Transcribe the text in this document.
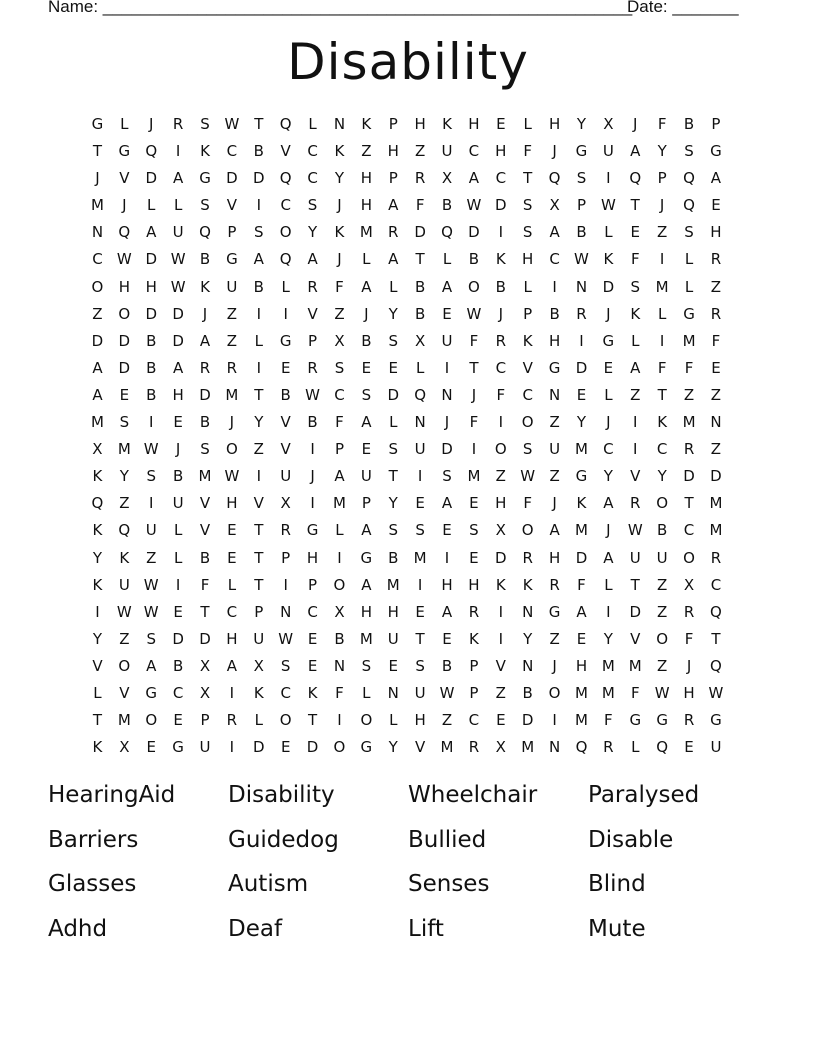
Name: ________________________________________________________
Date: _______
Disability
G	L	J	R	S W T	Q	L	N	K	P	H	K	H	E	L	H	Y	X	J	F	B	P
T	G	Q	I	K	C	B	V	C	K	Z	H	Z	U	C	H	F	J	G	U	A	Y	S	G
J	V	D	A	G	D	D	Q	C	Y	H	P	R	X	A	C	T	Q	S	I	Q	P	Q	A
M	J	L	L	S	V	I	C	S	J	H	A	F	B W D	S	X	P W T	J	Q	E
N	Q	A	U	Q	P	S	O	Y	K	M	R	D	Q	D	I	S	A	B	L	E	Z	S	H
C W D W B	G	A	Q	A	J	L	A	T	L	B	K	H	C W K	F	I	L	R
O	H	H W K	U	B	L	R	F	A	L	B	A	O	B	L	I	N	D	S	M	L	Z
Z	O	D	D	J	Z	I	I	V	Z	J	Y	B	E W	J	P	B	R	J	K	L	G	R
D	D	B	D	A	Z	L	G	P	X	B	S	X	U	F	R	K	H	I	G	L	I	M	F
A	D	B	A	R	R	I	E	R	S	E	E	L	I	T	C	V	G	D	E	A	F	F	E
A	E	B	H	D M	T	B W C	S	D	Q	N	J	F	C	N	E	L	Z	T	Z	Z
M	S	I	E	B	J	Y	V	B	F	A	L	N	J	F	I	O	Z	Y	J	I	K	M N
X	M W	J	S	O	Z	V	I	P	E	S	U	D	I	O	S	U M	C	I	C	R	Z
K	Y	S	B	M W	I	U	J	A	U	T	I	S	M	Z W Z	G	Y	V	Y	D	D
Q	Z	I	U	V	H	V	X	I	M	P	Y	E	A	E	H	F	J	K	A	R	O	T	M
K	Q	U	L	V	E	T	R	G	L	A	S	S	E	S	X	O	A	M	J	W B	C	M
Y	K	Z	L	B	E	T	P	H	I	G	B	M	I	E	D	R	H	D	A	U	U	O	R
K	U W	I	F	L	T	I	P	O	A	M	I	H	H	K	K	R	F	L	T	Z	X	C
I	W W E	T	C	P	N	C	X	H	H	E	A	R	I	N	G	A	I	D	Z	R	Q
Y	Z	S	D	D	H	U W E	B	M U	T	E	K	I	Y	Z	E	Y	V	O	F	T
V	O	A	B	X	A	X	S	E	N	S	E	S	B	P	V	N	J	H M M	Z	J	Q
L	V	G	C	X	I	K	C	K	F	L	N	U W P	Z	B	O M M	F	W H W
T	M O	E	P	R	L	O	T	I	O	L	H	Z	C	E	D	I	M	F	G	G	R	G
K	X	E	G	U	I	D	E	D	O	G	Y	V	M	R	X	M N	Q	R	L	Q	E	U
HearingAid	Disability	Wheelchair	Paralysed
Barriers	Guidedog	Bullied	Disable
Glasses	Autism	Senses	Blind
Adhd	Deaf	Lift	Mute
